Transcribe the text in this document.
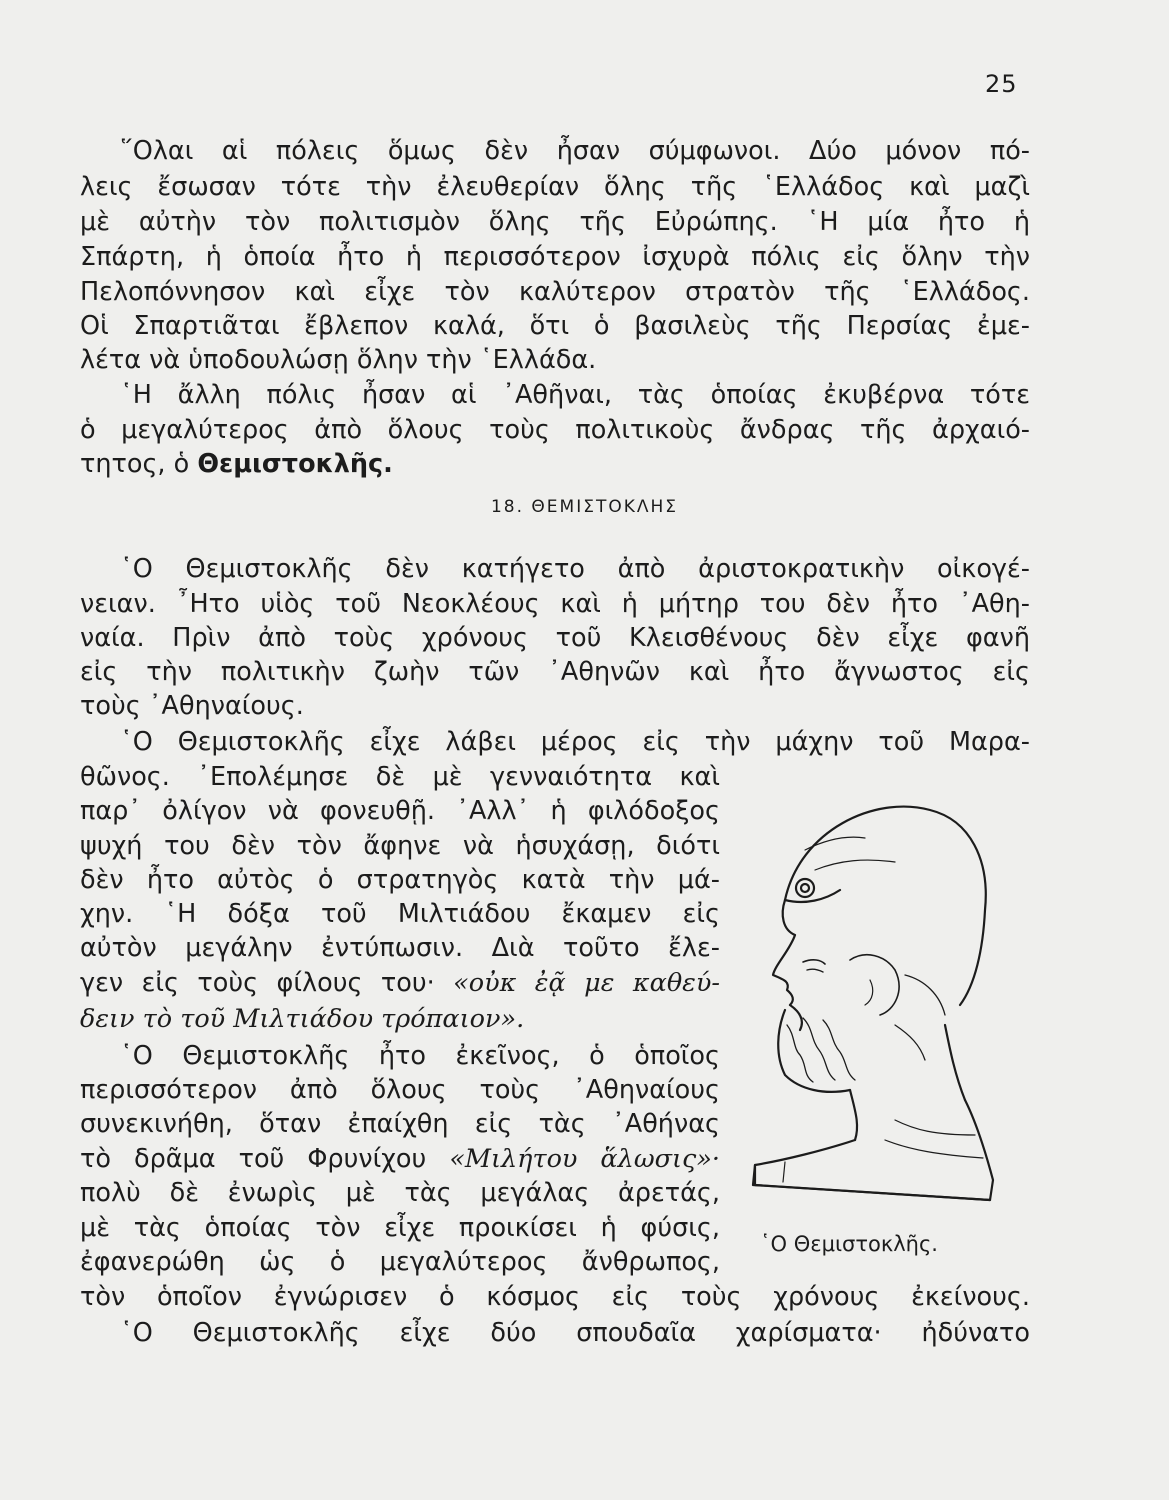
25
῞Ολαι αἱ πόλεις ὅμως δὲν ἦσαν σύμφωνοι. Δύο μόνον πό-
λεις ἔσωσαν τότε τὴν ἐλευθερίαν ὅλης τῆς ῾Ελλάδος καὶ μαζὶ
μὲ αὐτὴν τὸν πολιτισμὸν ὅλης τῆς Εὐρώπης. ῾Η μία ἦτο ἡ
Σπάρτη, ἡ ὁποία ἦτο ἡ περισσότερον ἰσχυρὰ πόλις εἰς ὅλην τὴν
Πελοπόννησον καὶ εἶχε τὸν καλύτερον στρατὸν τῆς ῾Ελλάδος.
Οἱ Σπαρτιᾶται ἔβλεπον καλά, ὅτι ὁ βασιλεὺς τῆς Περσίας ἐμε-
λέτα νὰ ὑποδουλώσῃ ὅλην τὴν ῾Ελλάδα.
῾Η ἄλλη πόλις ἦσαν αἱ ᾿Αθῆναι, τὰς ὁποίας ἐκυβέρνα τότε
ὁ μεγαλύτερος ἀπὸ ὅλους τοὺς πολιτικοὺς ἄνδρας τῆς ἀρχαιό-
τητος, ὁ Θεμιστοκλῆς.
18. ΘΕΜΙΣΤΟΚΛΗΣ
῾Ο Θεμιστοκλῆς δὲν κατήγετο ἀπὸ ἀριστοκρατικὴν οἰκογέ-
νειαν. ῏Ητο υἱὸς τοῦ Νεοκλέους καὶ ἡ μήτηρ του δὲν ἦτο ᾿Αθη-
ναία. Πρὶν ἀπὸ τοὺς χρόνους τοῦ Κλεισθένους δὲν εἶχε φανῆ
εἰς τὴν πολιτικὴν ζωὴν τῶν ᾿Αθηνῶν καὶ ἦτο ἄγνωστος εἰς
τοὺς ᾿Αθηναίους.
῾Ο Θεμιστοκλῆς εἶχε λάβει μέρος εἰς τὴν μάχην τοῦ Μαρα-
θῶνος. ᾿Επολέμησε δὲ μὲ γενναιότητα καὶ
παρ᾿ ὀλίγον νὰ φονευθῇ. ᾿Αλλ᾿ ἡ φιλόδοξος
ψυχή του δὲν τὸν ἄφηνε νὰ ἡσυχάσῃ, διότι
δὲν ἦτο αὐτὸς ὁ στρατηγὸς κατὰ τὴν μά-
χην. ῾Η δόξα τοῦ Μιλτιάδου ἔκαμεν εἰς
αὐτὸν μεγάλην ἐντύπωσιν. Διὰ τοῦτο ἔλε-
γεν εἰς τοὺς φίλους του· «οὐκ ἐᾷ με καθεύ-
δειν τὸ τοῦ Μιλτιάδου τρόπαιον».
῾Ο Θεμιστοκλῆς ἦτο ἐκεῖνος, ὁ ὁποῖος
περισσότερον ἀπὸ ὅλους τοὺς ᾿Αθηναίους
συνεκινήθη, ὅταν ἐπαίχθη εἰς τὰς ᾿Αθήνας
τὸ δρᾶμα τοῦ Φρυνίχου «Μιλήτου ἅλωσις»·
πολὺ δὲ ἐνωρὶς μὲ τὰς μεγάλας ἀρετάς,
μὲ τὰς ὁποίας τὸν εἶχε προικίσει ἡ φύσις,
ἐφανερώθη ὡς ὁ μεγαλύτερος ἄνθρωπος,
τὸν ὁποῖον ἐγνώρισεν ὁ κόσμος εἰς τοὺς χρόνους ἐκείνους.
῾Ο Θεμιστοκλῆς εἶχε δύο σπουδαῖα χαρίσματα· ἠδύνατο
῾Ο Θεμιστοκλῆς.
